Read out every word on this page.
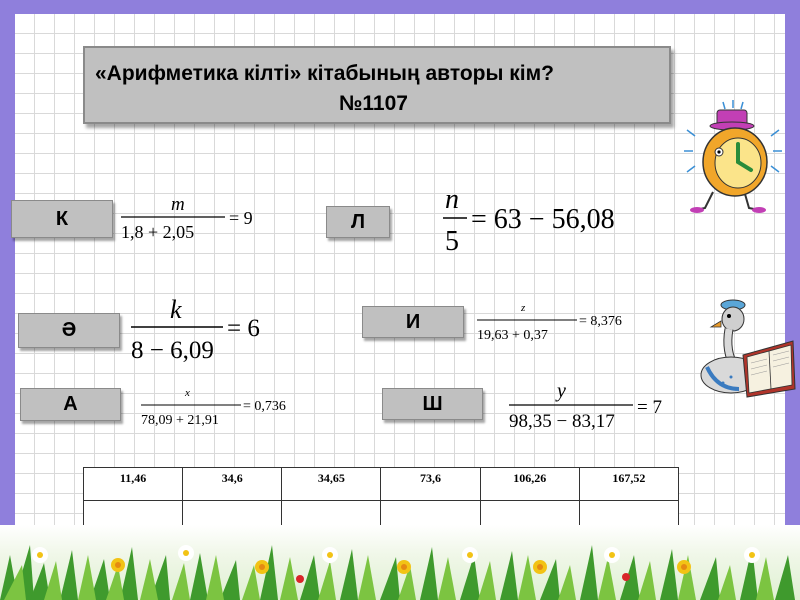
«Арифметика кілті» кітабының авторы кім?
№1107
К
m
1,8 + 2,05
= 9	Л
n
5
= 63 − 56,08
Ә
k
8 − 6,09
= 6	И
z
19,63 + 0,37
= 8,376
А	x
78,09 + 21,91
= 0,736	Ш
y
98,35 − 83,17
= 7
11,46	34,6	34,65	73,6	106,26	167,52
